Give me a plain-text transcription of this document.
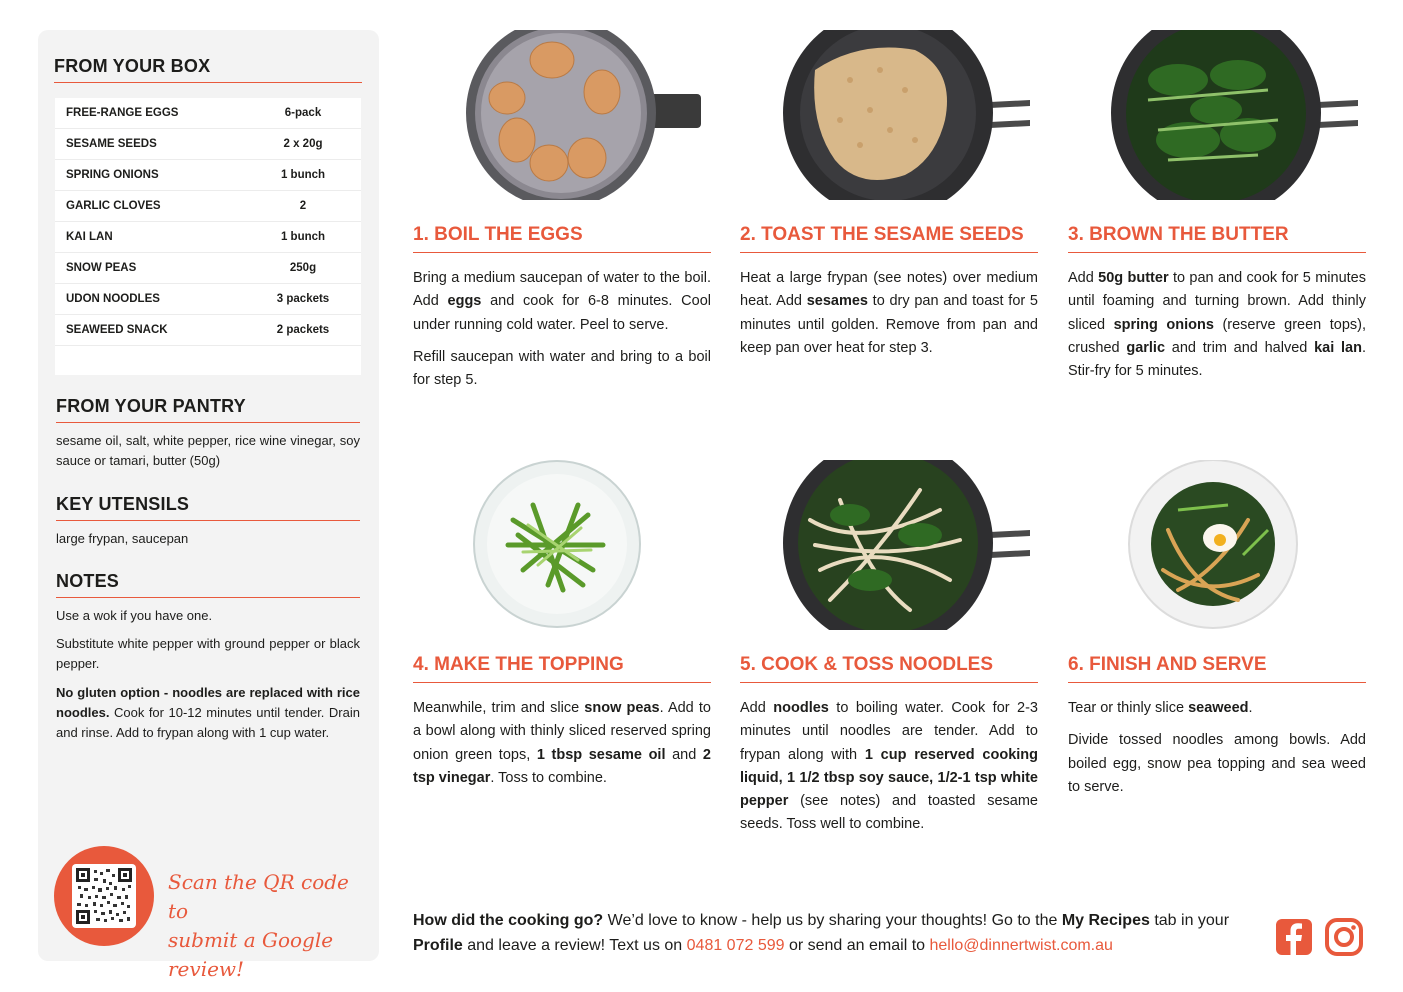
FROM YOUR BOX
FREE-RANGE EGGS	6-pack
SESAME SEEDS	2 x 20g
SPRING ONIONS	1 bunch
GARLIC CLOVES	2
KAI LAN	1 bunch
SNOW PEAS	250g
UDON NOODLES	3 packets
SEAWEED SNACK	2 packets
FROM YOUR PANTRY
sesame oil, salt, white pepper, rice wine vinegar, soy sauce or tamari, butter (50g)
KEY UTENSILS
large frypan, saucepan
NOTES
Use a wok if you have one.
Substitute white pepper with ground pepper or black pepper.
No gluten option - noodles are replaced with rice noodles. Cook for 10-12 minutes until tender. Drain and rinse. Add to frypan along with 1 cup water.
Scan the QR code to
submit a Google review!
1. BOIL THE EGGS

Bring a medium saucepan of water to the boil. Add eggs and cook for 6-8 minutes. Cool under running cold water. Peel to serve.

Refill saucepan with water and bring to a boil for step 5.

2. TOAST THE SESAME SEEDS

Heat a large frypan (see notes) over medium heat. Add sesames to dry pan and toast for 5 minutes until golden. Remove from pan and keep pan over heat for step 3.

3. BROWN THE BUTTER

Add 50g butter to pan and cook for 5 minutes until foaming and turning brown. Add thinly sliced spring onions (reserve green tops), crushed garlic and trim and halved kai lan. Stir-fry for 5 minutes.

4. MAKE THE TOPPING

Meanwhile, trim and slice snow peas. Add to a bowl along with thinly sliced reserved spring onion green tops, 1 tbsp sesame oil and 2 tsp vinegar. Toss to combine.

5. COOK & TOSS NOODLES

Add noodles to boiling water. Cook for 2-3 minutes until noodles are tender. Add to frypan along with 1 cup reserved cooking liquid, 1 1/2 tbsp soy sauce, 1/2-1 tsp white pepper (see notes) and toasted sesame seeds. Toss well to combine.

6. FINISH AND SERVE

Tear or thinly slice seaweed.

Divide tossed noodles among bowls. Add boiled egg, snow pea topping and sea weed to serve.

How did the cooking go? We’d love to know - help us by sharing your thoughts! Go to the My Recipes tab in your Profile and leave a review! Text us on 0481 072 599 or send an email to hello@dinnertwist.com.au
